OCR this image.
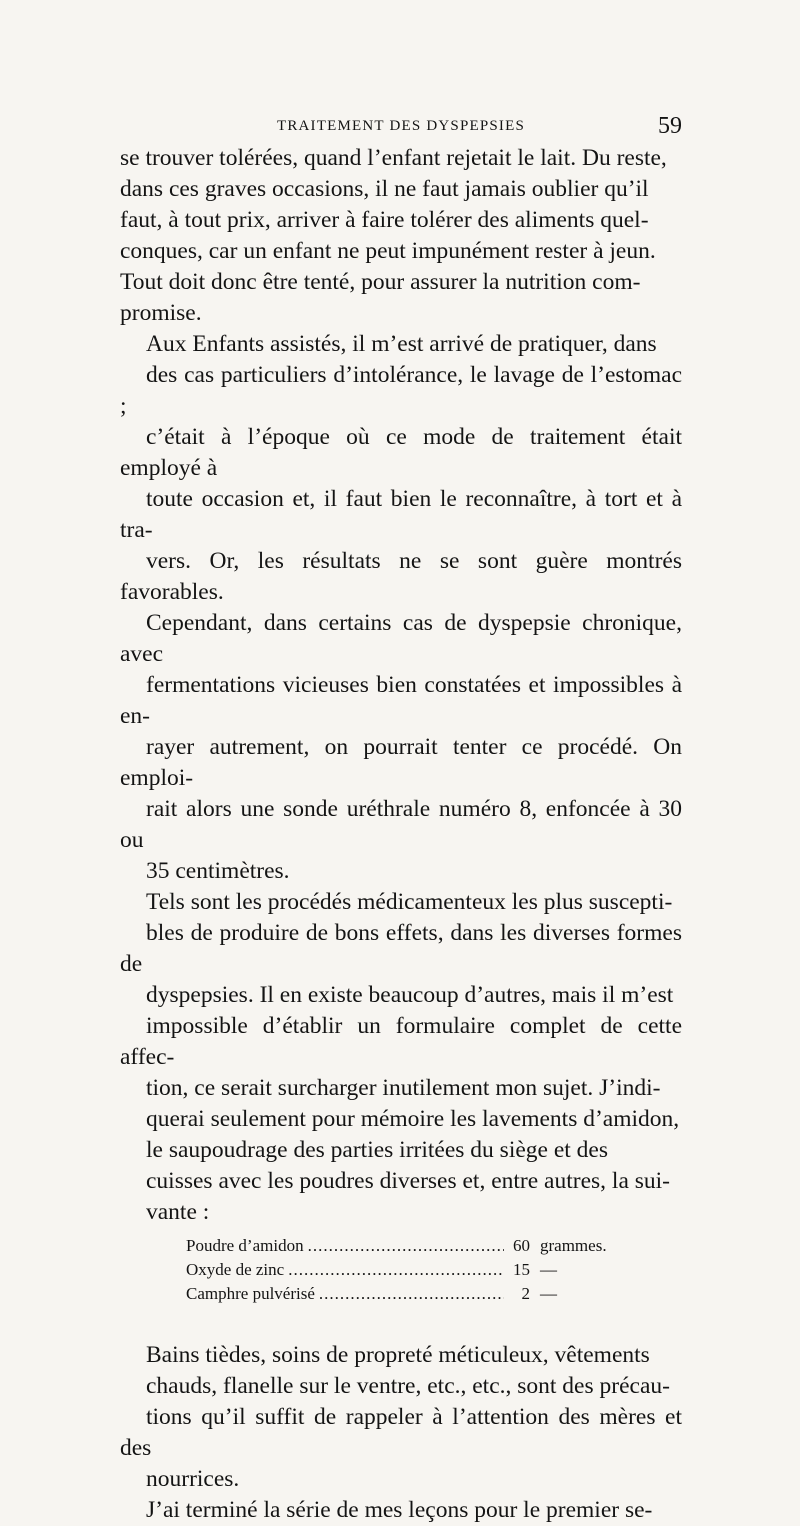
TRAITEMENT DES DYSPEPSIES	59

se trouver tolérées, quand l’enfant rejetait le lait. Du reste,
dans ces graves occasions, il ne faut jamais oublier qu’il
faut, à tout prix, arriver à faire tolérer des aliments quel-
conques, car un enfant ne peut impunément rester à jeun.
Tout doit donc être tenté, pour assurer la nutrition com-
promise.

Aux Enfants assistés, il m’est arrivé de pratiquer, dans
des cas particuliers d’intolérance, le lavage de l’estomac ;
c’était à l’époque où ce mode de traitement était employé à
toute occasion et, il faut bien le reconnaître, à tort et à tra-
vers. Or, les résultats ne se sont guère montrés favorables.
Cependant, dans certains cas de dyspepsie chronique, avec
fermentations vicieuses bien constatées et impossibles à en-
rayer autrement, on pourrait tenter ce procédé. On emploi-
rait alors une sonde uréthrale numéro 8, enfoncée à 30 ou
35 centimètres.

Tels sont les procédés médicamenteux les plus suscepti-
bles de produire de bons effets, dans les diverses formes de
dyspepsies. Il en existe beaucoup d’autres, mais il m’est
impossible d’établir un formulaire complet de cette affec-
tion, ce serait surcharger inutilement mon sujet. J’indi-
querai seulement pour mémoire les lavements d’amidon,
le saupoudrage des parties irritées du siège et des
cuisses avec les poudres diverses et, entre autres, la sui-
vante :

Poudre d’amidon .....	60 grammes.
Oxyde de zinc .....	15 —
Camphre pulvérisé .....	2 —

Bains tièdes, soins de propreté méticuleux, vêtements
chauds, flanelle sur le ventre, etc., etc., sont des précau-
tions qu’il suffit de rappeler à l’attention des mères et des
nourrices.

J’ai terminé la série de mes leçons pour le premier se-
